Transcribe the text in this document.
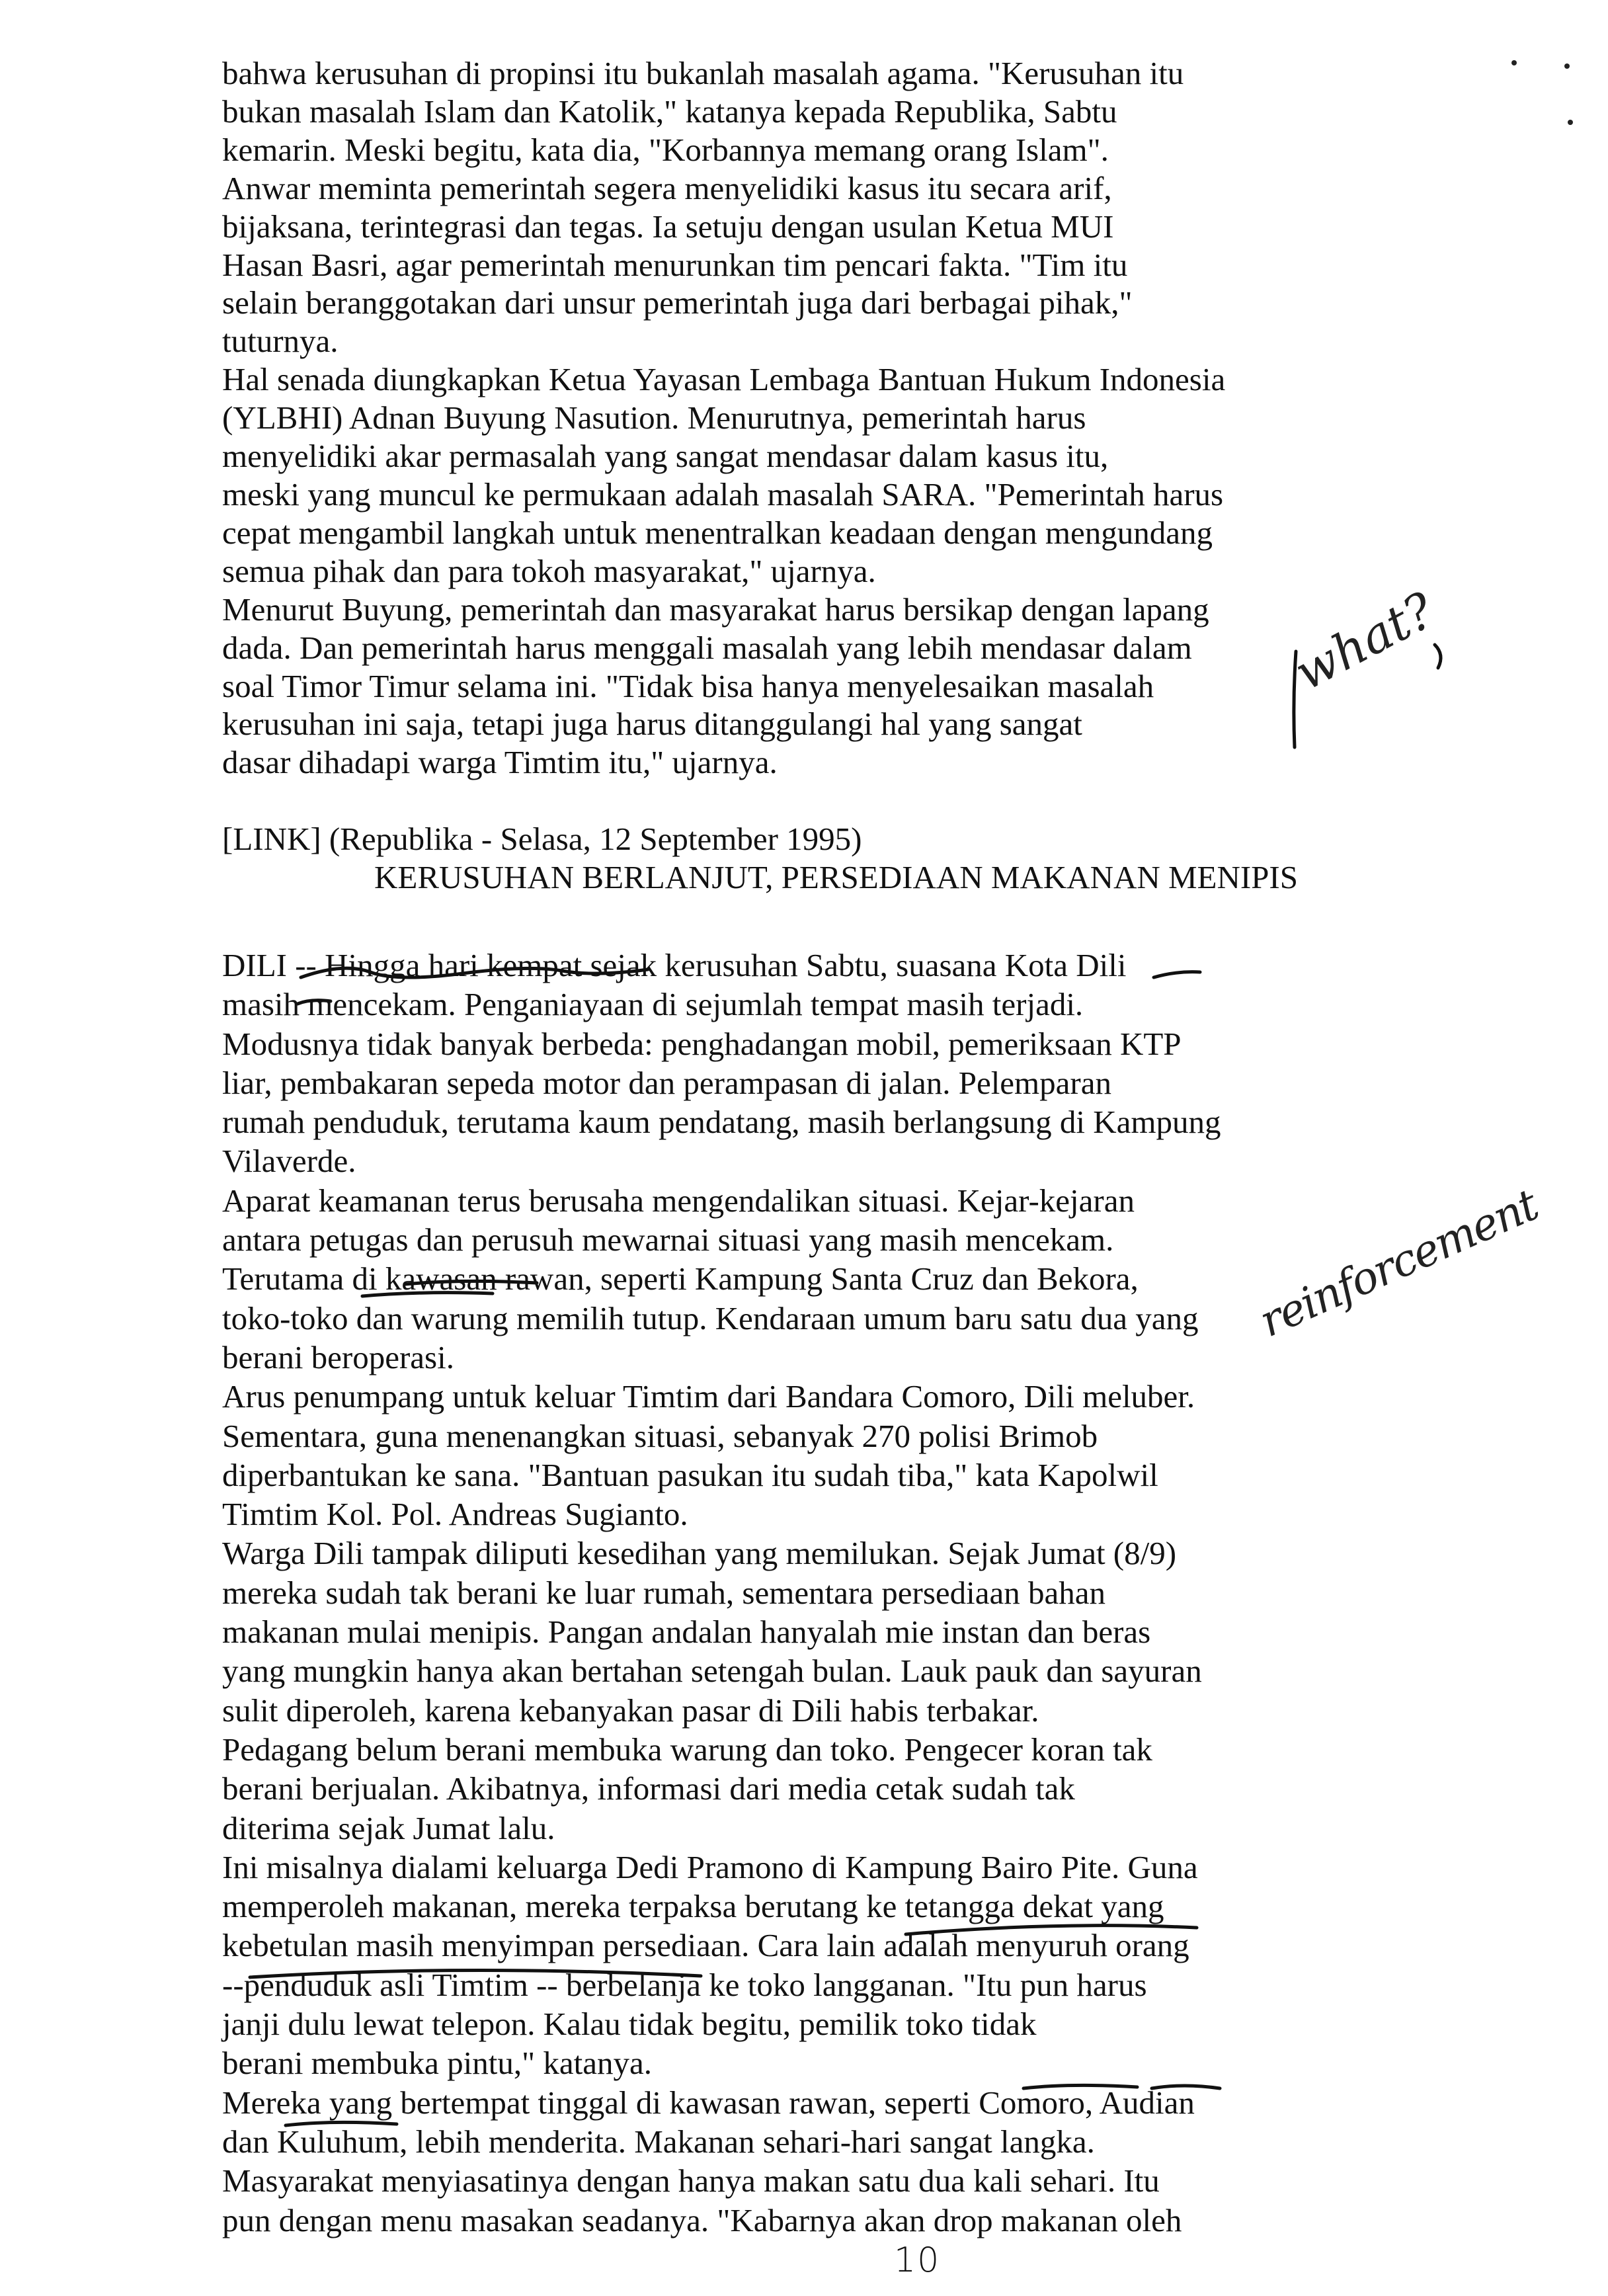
bahwa kerusuhan di propinsi itu bukanlah masalah agama. "Kerusuhan itu
bukan masalah Islam dan Katolik," katanya kepada Republika, Sabtu
kemarin. Meski begitu, kata dia, "Korbannya memang orang Islam".
Anwar meminta pemerintah segera menyelidiki kasus itu secara arif,
bijaksana, terintegrasi dan tegas. Ia setuju dengan usulan Ketua MUI
Hasan Basri, agar pemerintah menurunkan tim pencari fakta. "Tim itu
selain beranggotakan dari unsur pemerintah juga dari berbagai pihak,"
tuturnya.
Hal senada diungkapkan Ketua Yayasan Lembaga Bantuan Hukum Indonesia
(YLBHI) Adnan Buyung Nasution. Menurutnya, pemerintah harus
menyelidiki akar permasalah yang sangat mendasar dalam kasus itu,
meski yang muncul ke permukaan adalah masalah SARA. "Pemerintah harus
cepat mengambil langkah untuk menentralkan keadaan dengan mengundang
semua pihak dan para tokoh masyarakat," ujarnya.
Menurut Buyung, pemerintah dan masyarakat harus bersikap dengan lapang
dada. Dan pemerintah harus menggali masalah yang lebih mendasar dalam
soal Timor Timur selama ini. "Tidak bisa hanya menyelesaikan masalah
kerusuhan ini saja, tetapi juga harus ditanggulangi hal yang sangat
dasar dihadapi warga Timtim itu," ujarnya.

[LINK] (Republika - Selasa, 12 September 1995)
KERUSUHAN BERLANJUT, PERSEDIAAN MAKANAN MENIPIS
DILI -- Hingga hari kempat sejak kerusuhan Sabtu, suasana Kota Dili
masih mencekam. Penganiayaan di sejumlah tempat masih terjadi.
Modusnya tidak banyak berbeda: penghadangan mobil, pemeriksaan KTP
liar, pembakaran sepeda motor dan perampasan di jalan. Pelemparan
rumah penduduk, terutama kaum pendatang, masih berlangsung di Kampung
Vilaverde.
Aparat keamanan terus berusaha mengendalikan situasi. Kejar-kejaran
antara petugas dan perusuh mewarnai situasi yang masih mencekam.
Terutama di kawasan rawan, seperti Kampung Santa Cruz dan Bekora,
toko-toko dan warung memilih tutup. Kendaraan umum baru satu dua yang
berani beroperasi.
Arus penumpang untuk keluar Timtim dari Bandara Comoro, Dili meluber.
Sementara, guna menenangkan situasi, sebanyak 270 polisi Brimob
diperbantukan ke sana. "Bantuan pasukan itu sudah tiba," kata Kapolwil
Timtim Kol. Pol. Andreas Sugianto.
Warga Dili tampak diliputi kesedihan yang memilukan. Sejak Jumat (8/9)
mereka sudah tak berani ke luar rumah, sementara persediaan bahan
makanan mulai menipis. Pangan andalan hanyalah mie instan dan beras
yang mungkin hanya akan bertahan setengah bulan. Lauk pauk dan sayuran
sulit diperoleh, karena kebanyakan pasar di Dili habis terbakar.
Pedagang belum berani membuka warung dan toko. Pengecer koran tak
berani berjualan. Akibatnya, informasi dari media cetak sudah tak
diterima sejak Jumat lalu.
Ini misalnya dialami keluarga Dedi Pramono di Kampung Bairo Pite. Guna
memperoleh makanan, mereka terpaksa berutang ke tetangga dekat yang
kebetulan masih menyimpan persediaan. Cara lain adalah menyuruh orang
--penduduk asli Timtim -- berbelanja ke toko langganan. "Itu pun harus
janji dulu lewat telepon. Kalau tidak begitu, pemilik toko tidak
berani membuka pintu," katanya.
Mereka yang bertempat tinggal di kawasan rawan, seperti Comoro, Audian
dan Kuluhum, lebih menderita. Makanan sehari-hari sangat langka.
Masyarakat menyiasatinya dengan hanya makan satu dua kali sehari. Itu
pun dengan menu masakan seadanya. "Kabarnya akan drop makanan oleh
what?
reinforcement
10
